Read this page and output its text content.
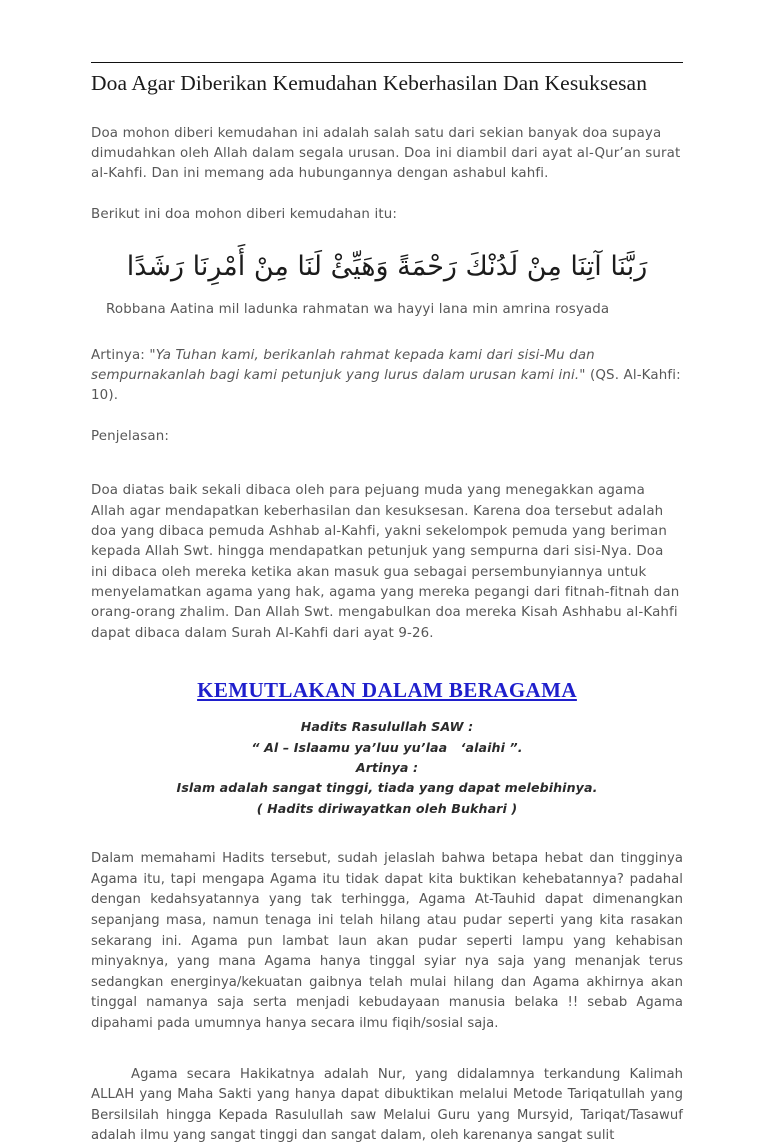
Doa Agar Diberikan Kemudahan Keberhasilan Dan Kesuksesan

Doa mohon diberi kemudahan ini adalah salah satu dari sekian banyak doa supaya dimudahkan oleh Allah dalam segala urusan. Doa ini diambil dari ayat al-Qur’an surat al-Kahfi. Dan ini memang ada hubungannya dengan ashabul kahfi.

Berikut ini doa mohon diberi kemudahan itu:

رَبَّنَا آتِنَا مِنْ لَدُنْكَ رَحْمَةً وَهَيِّئْ لَنَا مِنْ أَمْرِنَا رَشَدًا

Robbana Aatina mil ladunka rahmatan wa hayyi lana min amrina rosyada

Artinya: "Ya Tuhan kami, berikanlah rahmat kepada kami dari sisi-Mu dan sempurnakanlah bagi kami petunjuk yang lurus dalam urusan kami ini." (QS. Al-Kahfi: 10).

Penjelasan:

Doa diatas baik sekali dibaca oleh para pejuang muda yang menegakkan agama Allah agar mendapatkan keberhasilan dan kesuksesan. Karena doa tersebut adalah doa yang dibaca pemuda Ashhab al-Kahfi, yakni sekelompok pemuda yang beriman kepada Allah Swt. hingga mendapatkan petunjuk yang sempurna dari sisi-Nya. Doa ini dibaca oleh mereka ketika akan masuk gua sebagai persembunyiannya untuk menyelamatkan agama yang hak, agama yang mereka pegangi dari fitnah-fitnah dan orang-orang zhalim. Dan Allah Swt. mengabulkan doa mereka Kisah Ashhabu al-Kahfi dapat dibaca dalam Surah Al-Kahfi dari ayat 9-26.

KEMUTLAKAN DALAM BERAGAMA
Hadits Rasulullah SAW :
“ Al – Islaamu ya’luu yu’laa   ‘alaihi ”.
Artinya :
Islam adalah sangat tinggi, tiada yang dapat melebihinya.
( Hadits diriwayatkan oleh Bukhari )

Dalam memahami Hadits tersebut, sudah jelaslah bahwa betapa hebat dan tingginya Agama itu, tapi mengapa Agama itu tidak dapat kita buktikan kehebatannya? padahal dengan kedahsyatannya yang tak terhingga, Agama At-Tauhid dapat dimenangkan sepanjang masa, namun tenaga ini telah hilang atau pudar seperti yang kita rasakan sekarang ini. Agama pun lambat laun akan pudar seperti lampu yang kehabisan minyaknya, yang mana Agama hanya tinggal syiar nya saja yang menanjak terus sedangkan energinya/kekuatan gaibnya telah mulai hilang dan Agama akhirnya akan tinggal namanya saja serta menjadi kebudayaan manusia belaka !! sebab Agama dipahami pada umumnya hanya secara ilmu fiqih/sosial saja.

Agama secara Hakikatnya adalah Nur, yang didalamnya terkandung Kalimah ALLAH yang Maha Sakti yang hanya dapat dibuktikan melalui Metode Tariqatullah yang Bersilsilah hingga Kepada Rasulullah saw Melalui Guru yang Mursyid, Tariqat/Tasawuf adalah ilmu yang sangat tinggi dan sangat dalam, oleh karenanya sangat sulit
